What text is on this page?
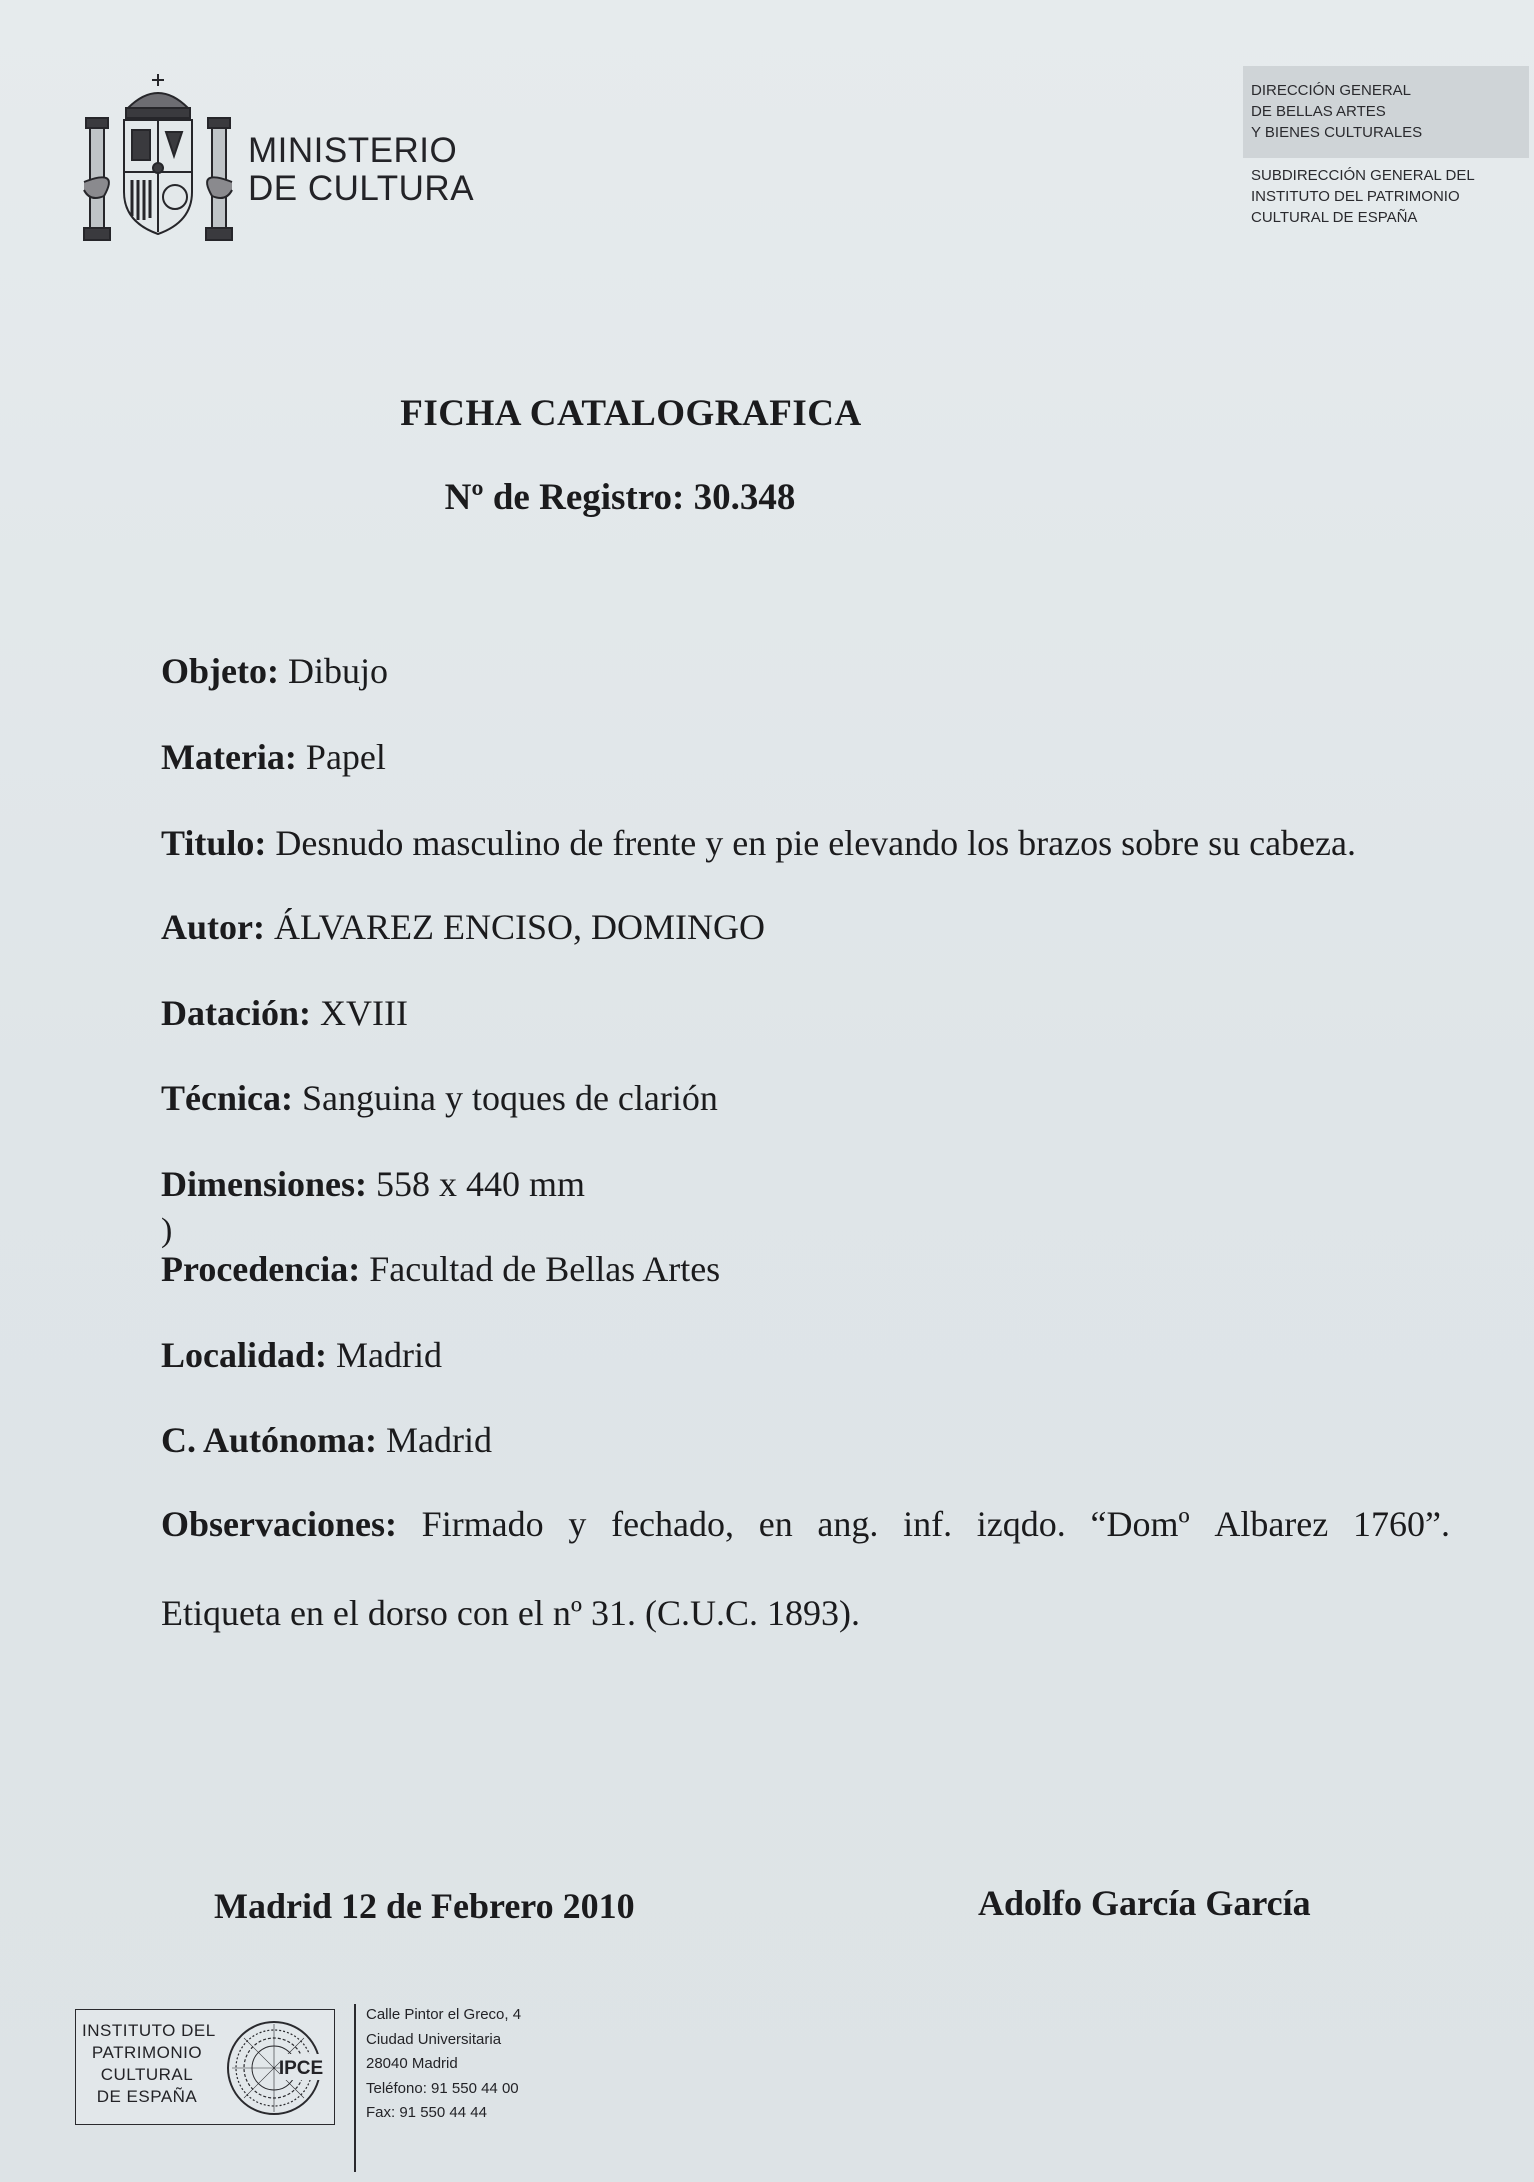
MINISTERIO
DE CULTURA
DIRECCIÓN GENERAL
DE BELLAS ARTES
Y BIENES CULTURALES
SUBDIRECCIÓN GENERAL DEL
INSTITUTO DEL PATRIMONIO
CULTURAL DE ESPAÑA
FICHA CATALOGRAFICA
Nº de Registro: 30.348
Objeto: Dibujo
Materia: Papel
Titulo: Desnudo masculino de frente y en pie elevando los brazos sobre su cabeza.
Autor: ÁLVAREZ ENCISO, DOMINGO
Datación: XVIII
Técnica: Sanguina y toques de clarión
Dimensiones: 558 x 440 mm
)
Procedencia: Facultad de Bellas Artes
Localidad: Madrid
C. Autónoma: Madrid
Observaciones: Firmado y fechado, en ang. inf. izqdo. “Domº Albarez 1760”.
Etiqueta en el dorso con el nº 31. (C.U.C. 1893).
Madrid 12 de Febrero 2010	Adolfo García García
INSTITUTO DEL
PATRIMONIO
CULTURAL
DE ESPAÑA
IPCE
Calle Pintor el Greco, 4
Ciudad Universitaria
28040 Madrid
Teléfono: 91 550 44 00
Fax: 91 550 44 44
